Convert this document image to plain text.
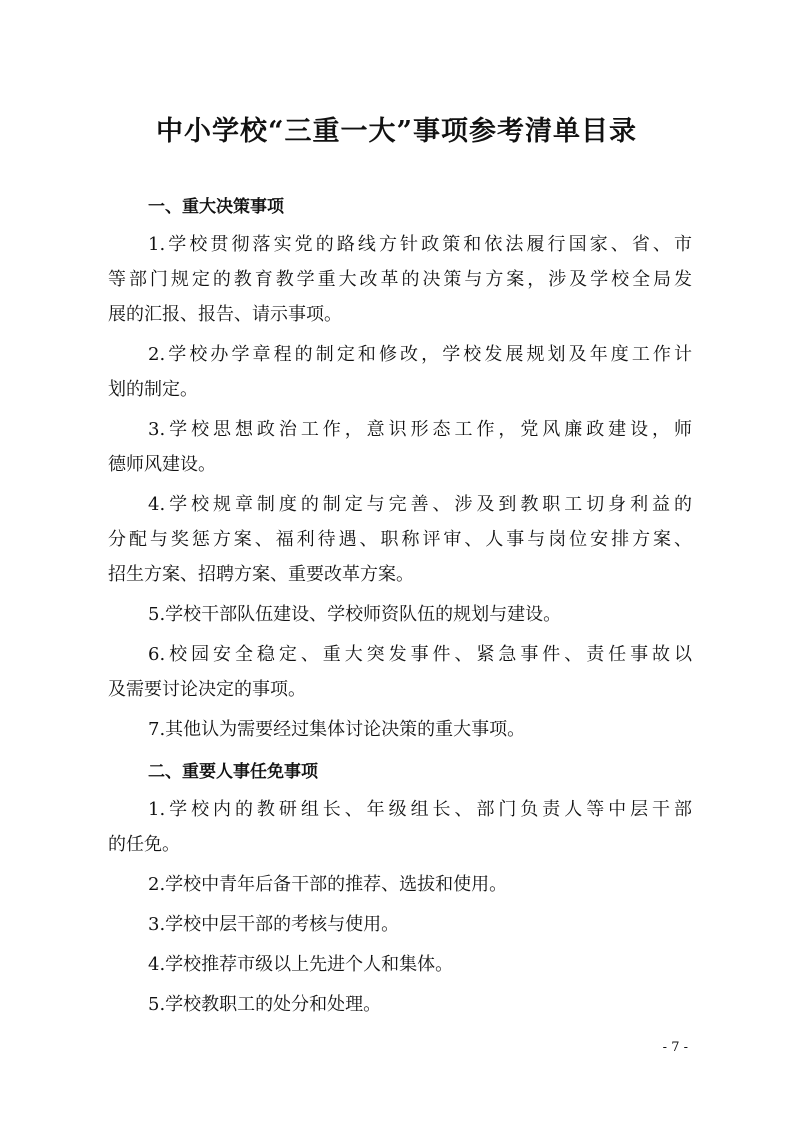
中小学校“三重一大”事项参考清单目录
一、重大决策事项
1.学校贯彻落实党的路线方针政策和依法履行国家、省、市
等部门规定的教育教学重大改革的决策与方案，涉及学校全局发
展的汇报、报告、请示事项。
2.学校办学章程的制定和修改，学校发展规划及年度工作计
划的制定。
3.学校思想政治工作，意识形态工作，党风廉政建设，师
德师风建设。
4.学校规章制度的制定与完善、涉及到教职工切身利益的
分配与奖惩方案、福利待遇、职称评审、人事与岗位安排方案、
招生方案、招聘方案、重要改革方案。
5.学校干部队伍建设、学校师资队伍的规划与建设。
6.校园安全稳定、重大突发事件、紧急事件、责任事故以
及需要讨论决定的事项。
7.其他认为需要经过集体讨论决策的重大事项。
二、重要人事任免事项
1.学校内的教研组长、年级组长、部门负责人等中层干部
的任免。
2.学校中青年后备干部的推荐、选拔和使用。
3.学校中层干部的考核与使用。
4.学校推荐市级以上先进个人和集体。
5.学校教职工的处分和处理。
- 7 -
